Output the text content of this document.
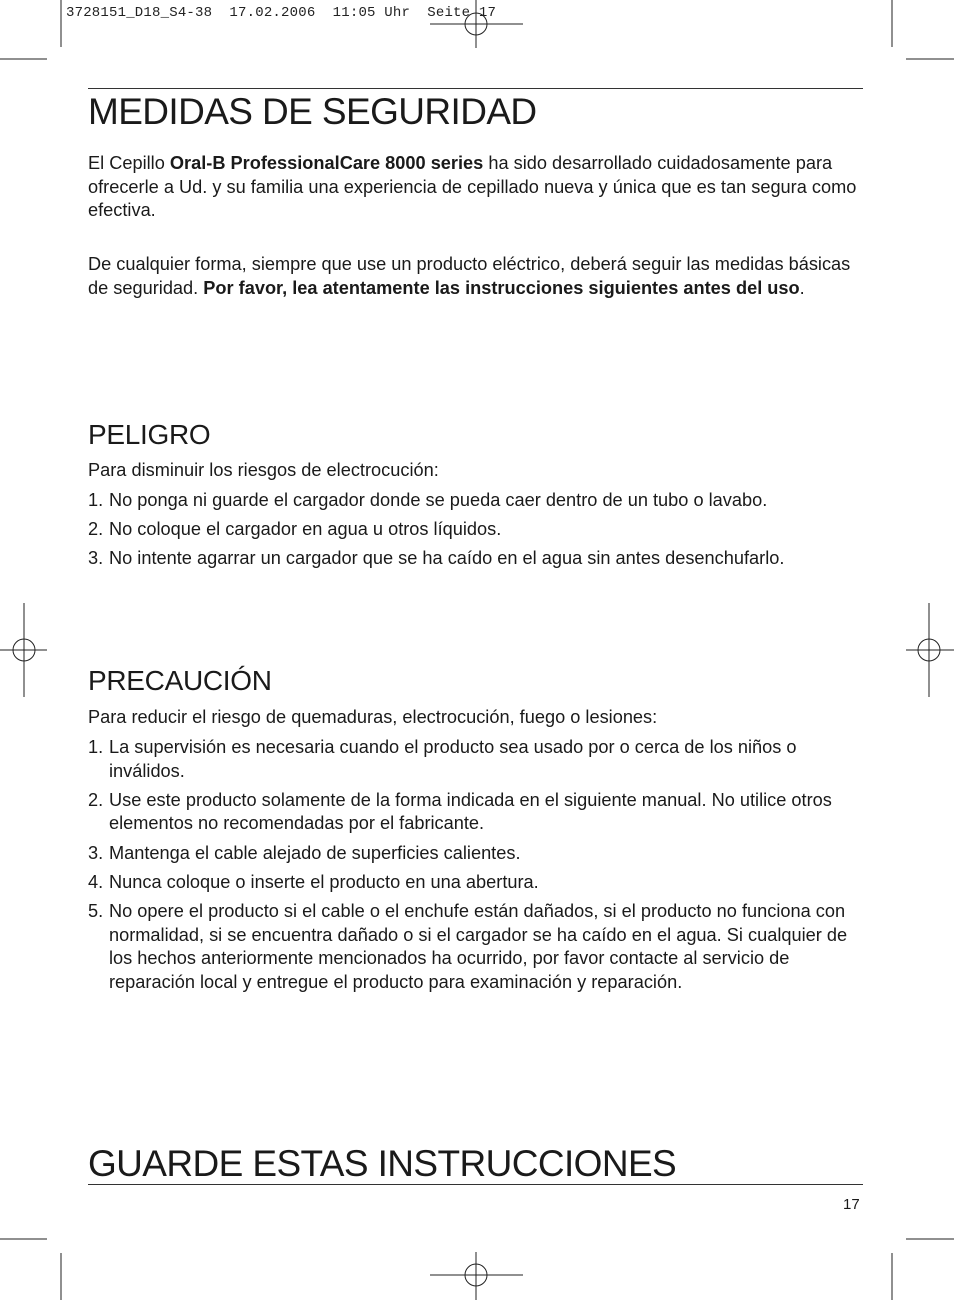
3728151_D18_S4-38  17.02.2006  11:05 Uhr  Seite 17
MEDIDAS DE SEGURIDAD

El Cepillo Oral-B ProfessionalCare 8000 series ha sido desarrollado cuidadosamente para ofrecerle a Ud. y su familia una experiencia de cepillado nueva y única que es tan segura como efectiva.

De cualquier forma, siempre que use un producto eléctrico, deberá seguir las medidas básicas de seguridad. Por favor, lea atentamente las instrucciones siguientes antes del uso.

PELIGRO

Para disminuir los riesgos de electrocución:

1. No ponga ni guarde el cargador donde se pueda caer dentro de un tubo o lavabo.
2. No coloque el cargador en agua u otros líquidos.
3. No intente agarrar un cargador que se ha caído en el agua sin antes desenchufarlo.
PRECAUCIÓN

Para reducir el riesgo de quemaduras, electrocución, fuego o lesiones:

1. La supervisión es necesaria cuando el producto sea usado por o cerca de los niños o inválidos.
2. Use este producto solamente de la forma indicada en el siguiente manual. No utilice otros elementos no recomendadas por el fabricante.
3. Mantenga el cable alejado de superficies calientes.
4. Nunca coloque o inserte el producto en una abertura.
5. No opere el producto si el cable o el enchufe están dañados, si el producto no funciona con normalidad, si se encuentra dañado o si el cargador se ha caído en el agua. Si cualquier de los hechos anteriormente mencionados ha ocurrido, por favor contacte al servicio de reparación local y entregue el producto para examinación y reparación.
GUARDE ESTAS INSTRUCCIONES
17
